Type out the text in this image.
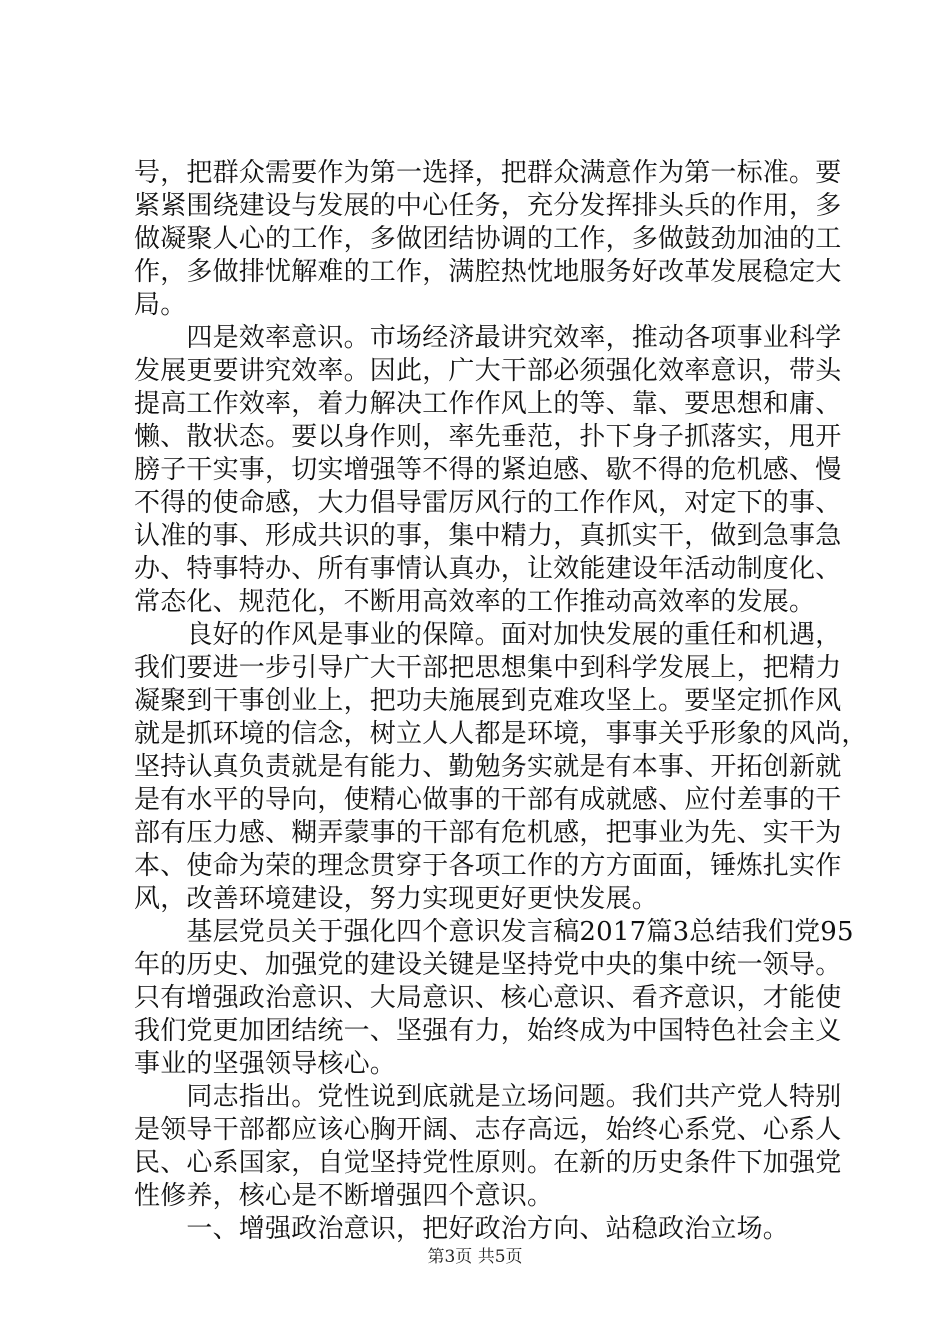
号，把群众需要作为第一选择，把群众满意作为第一标准。要
紧紧围绕建设与发展的中心任务，充分发挥排头兵的作用，多
做凝聚人心的工作，多做团结协调的工作，多做鼓劲加油的工
作，多做排忧解难的工作，满腔热忱地服务好改革发展稳定大
局。
　　四是效率意识。市场经济最讲究效率，推动各项事业科学
发展更要讲究效率。因此，广大干部必须强化效率意识，带头
提高工作效率，着力解决工作作风上的等、靠、要思想和庸、
懒、散状态。要以身作则，率先垂范，扑下身子抓落实，甩开
膀子干实事，切实增强等不得的紧迫感、歇不得的危机感、慢
不得的使命感，大力倡导雷厉风行的工作作风，对定下的事、
认准的事、形成共识的事，集中精力，真抓实干，做到急事急
办、特事特办、所有事情认真办，让效能建设年活动制度化、
常态化、规范化，不断用高效率的工作推动高效率的发展。
　　良好的作风是事业的保障。面对加快发展的重任和机遇，
我们要进一步引导广大干部把思想集中到科学发展上，把精力
凝聚到干事创业上，把功夫施展到克难攻坚上。要坚定抓作风
就是抓环境的信念，树立人人都是环境，事事关乎形象的风尚，
坚持认真负责就是有能力、勤勉务实就是有本事、开拓创新就
是有水平的导向，使精心做事的干部有成就感、应付差事的干
部有压力感、糊弄蒙事的干部有危机感，把事业为先、实干为
本、使命为荣的理念贯穿于各项工作的方方面面，锤炼扎实作
风，改善环境建设，努力实现更好更快发展。
　　基层党员关于强化四个意识发言稿2017篇3总结我们党95
年的历史、加强党的建设关键是坚持党中央的集中统一领导。
只有增强政治意识、大局意识、核心意识、看齐意识，才能使
我们党更加团结统一、坚强有力，始终成为中国特色社会主义
事业的坚强领导核心。
　　同志指出。党性说到底就是立场问题。我们共产党人特别
是领导干部都应该心胸开阔、志存高远，始终心系党、心系人
民、心系国家，自觉坚持党性原则。在新的历史条件下加强党
性修养，核心是不断增强四个意识。
　　一、增强政治意识，把好政治方向、站稳政治立场。
第3页 共5页
